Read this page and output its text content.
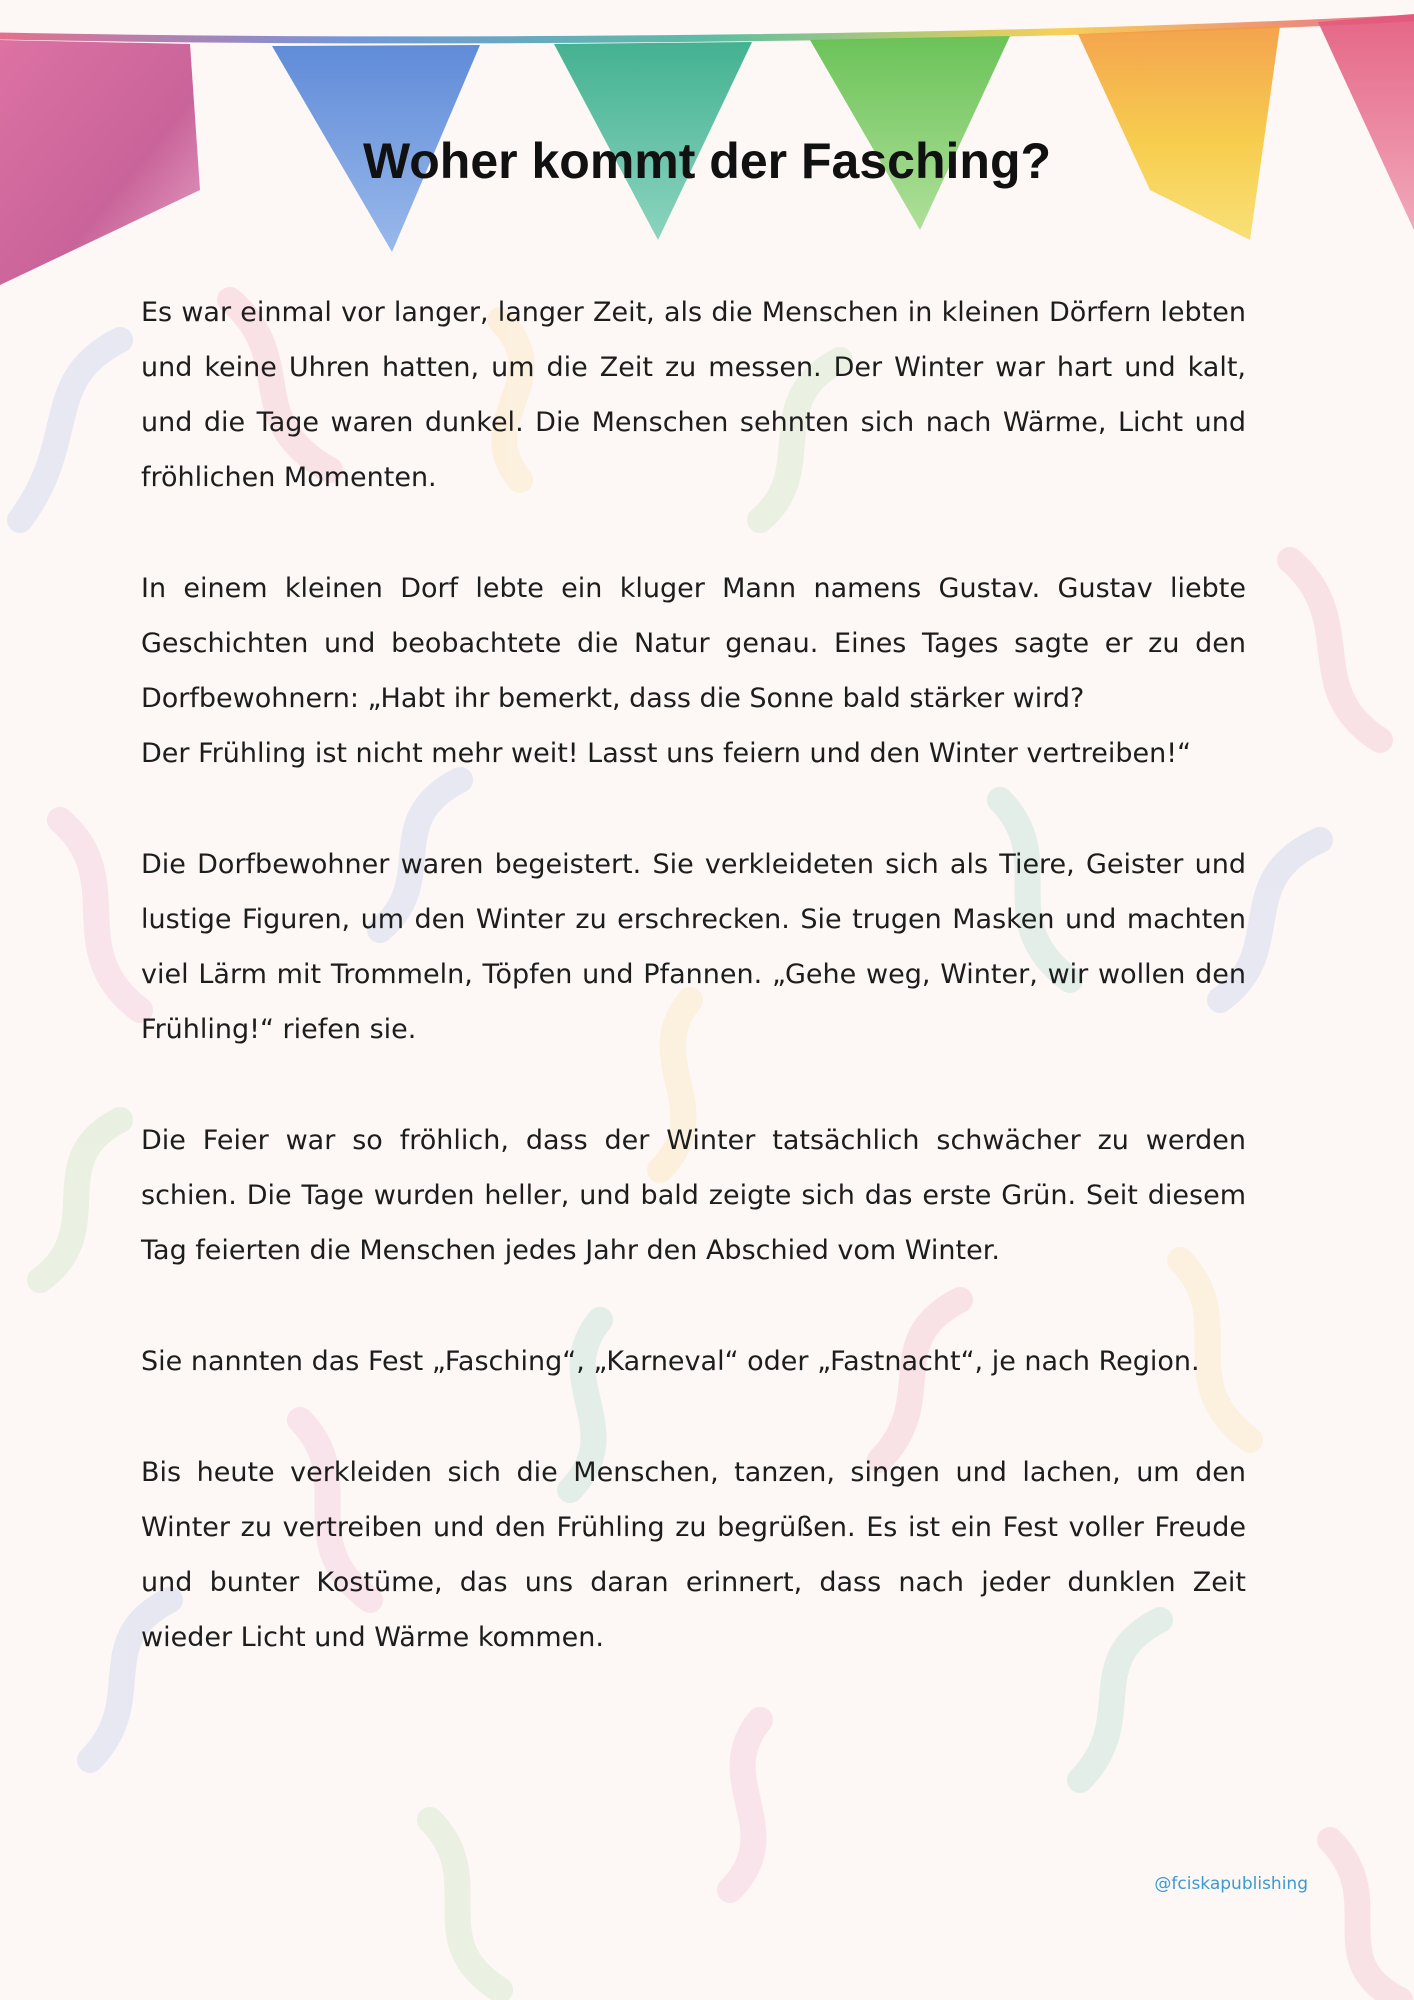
Woher kommt der Fasching?

Es war einmal vor langer, langer Zeit, als die Menschen in kleinen Dörfern lebten und keine Uhren hatten, um die Zeit zu messen. Der Winter war hart und kalt, und die Tage waren dunkel. Die Menschen sehnten sich nach Wärme, Licht und fröhlichen Momenten.

In einem kleinen Dorf lebte ein kluger Mann namens Gustav. Gustav liebte Geschichten und beobachtete die Natur genau. Eines Tages sagte er zu den Dorfbewohnern: „Habt ihr bemerkt, dass die Sonne bald stärker wird?
Der Frühling ist nicht mehr weit! Lasst uns feiern und den Winter vertreiben!“

Die Dorfbewohner waren begeistert. Sie verkleideten sich als Tiere, Geister und lustige Figuren, um den Winter zu erschrecken. Sie trugen Masken und machten viel Lärm mit Trommeln, Töpfen und Pfannen. „Gehe weg, Winter, wir wollen den Frühling!“ riefen sie.

Die Feier war so fröhlich, dass der Winter tatsächlich schwächer zu werden schien. Die Tage wurden heller, und bald zeigte sich das erste Grün. Seit diesem Tag feierten die Menschen jedes Jahr den Abschied vom Winter.

Sie nannten das Fest „Fasching“, „Karneval“ oder „Fastnacht“, je nach Region.

Bis heute verkleiden sich die Menschen, tanzen, singen und lachen, um den Winter zu vertreiben und den Frühling zu begrüßen. Es ist ein Fest voller Freude und bunter Kostüme, das uns daran erinnert, dass nach jeder dunklen Zeit wieder Licht und Wärme kommen.

@fciskapublishing
